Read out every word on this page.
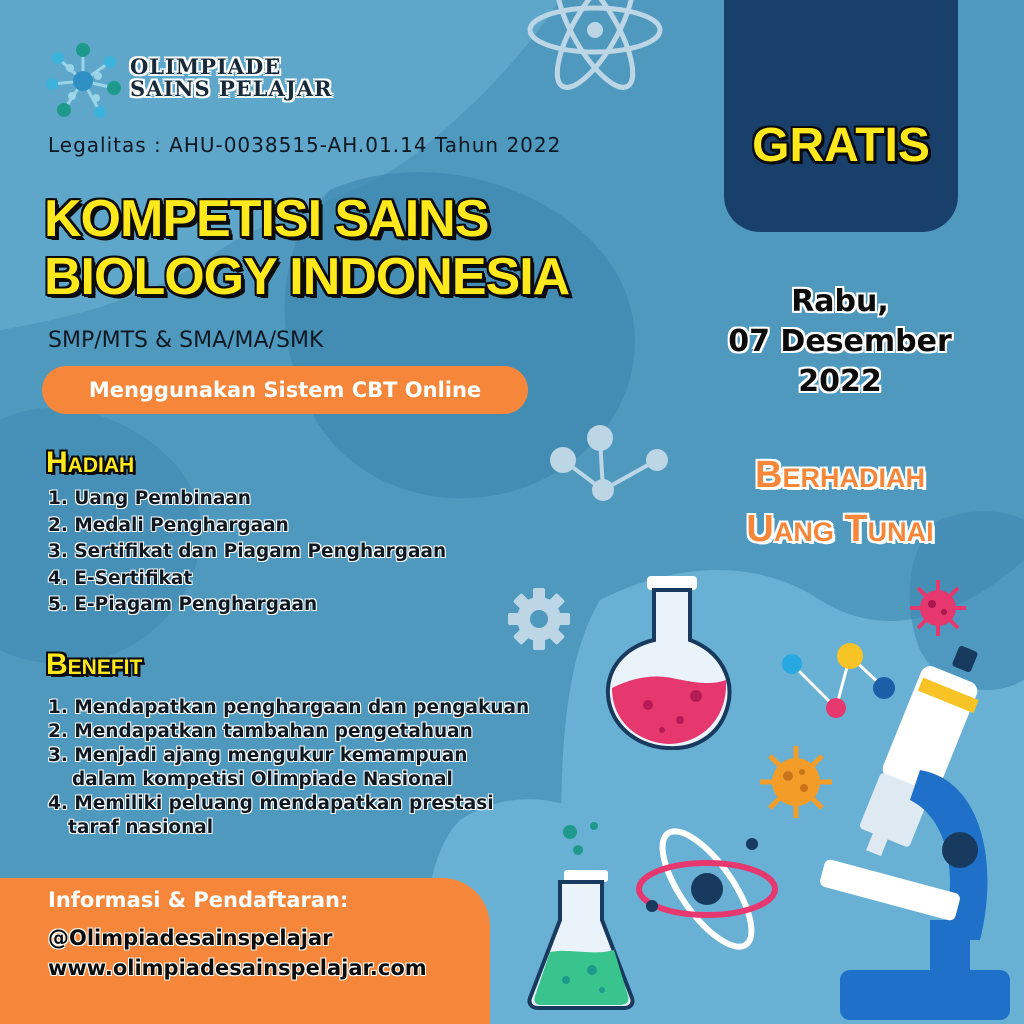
OLIMPIADE
SAINS PELAJAR
Legalitas : AHU-0038515-AH.01.14 Tahun 2022
KOMPETISI SAINS
BIOLOGY INDONESIA
SMP/MTS & SMA/MA/SMK
Menggunakan Sistem CBT Online
Hadiah
1. Uang Pembinaan
2. Medali Penghargaan
3. Sertifikat dan Piagam Penghargaan
4. E-Sertifikat
5. E-Piagam Penghargaan
Benefit
1. Mendapatkan penghargaan dan pengakuan
2. Mendapatkan tambahan pengetahuan
3. Menjadi ajang mengukur kemampuan
dalam kompetisi Olimpiade Nasional
4. Memiliki peluang mendapatkan prestasi
taraf nasional
Informasi & Pendaftaran:
@Olimpiadesainspelajar
www.olimpiadesainspelajar.com
GRATIS
Rabu,
07 Desember
2022
Berhadiah
Uang Tunai
